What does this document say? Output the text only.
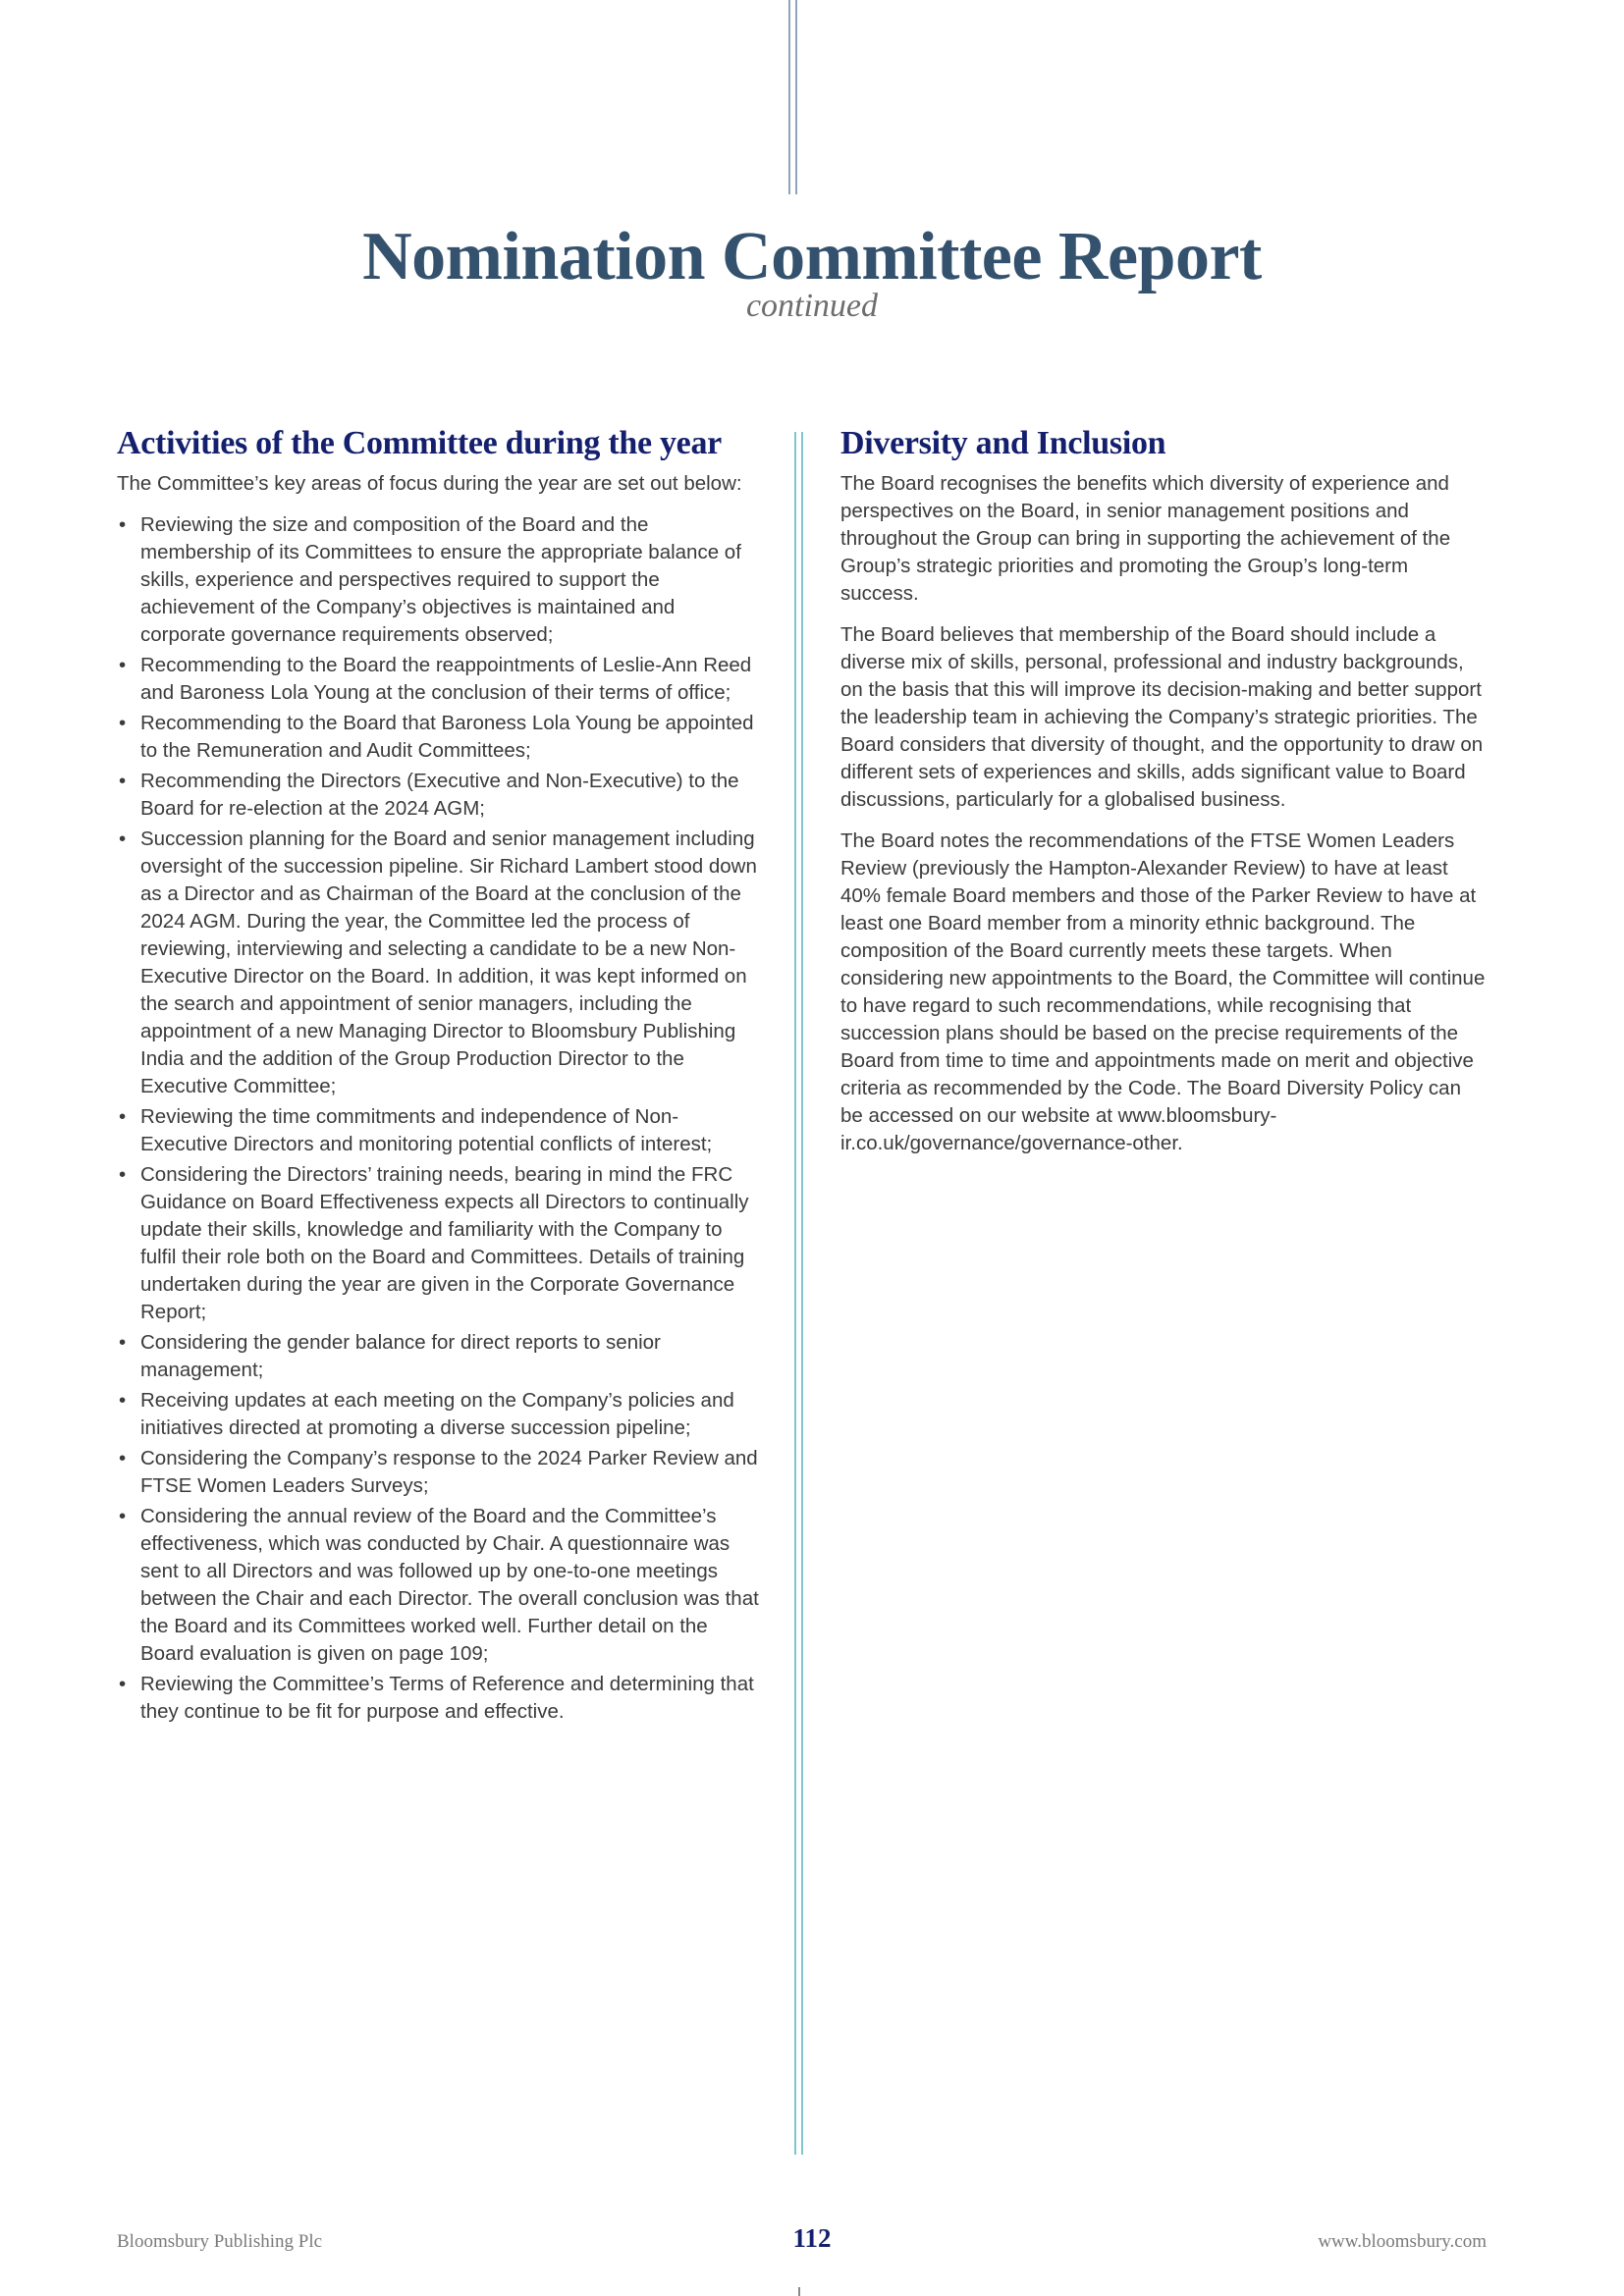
Nomination Committee Report
continued
Activities of the Committee during the year

The Committee’s key areas of focus during the year are set out below:

• Reviewing the size and composition of the Board and the membership of its Committees to ensure the appropriate balance of skills, experience and perspectives required to support the achievement of the Company’s objectives is maintained and corporate governance requirements observed;
• Recommending to the Board the reappointments of Leslie-Ann Reed and Baroness Lola Young at the conclusion of their terms of office;
• Recommending to the Board that Baroness Lola Young be appointed to the Remuneration and Audit Committees;
• Recommending the Directors (Executive and Non-Executive) to the Board for re-election at the 2024 AGM;
• Succession planning for the Board and senior management including oversight of the succession pipeline. Sir Richard Lambert stood down as a Director and as Chairman of the Board at the conclusion of the 2024 AGM. During the year, the Committee led the process of reviewing, interviewing and selecting a candidate to be a new Non-Executive Director on the Board. In addition, it was kept informed on the search and appointment of senior managers, including the appointment of a new Managing Director to Bloomsbury Publishing India and the addition of the Group Production Director to the Executive Committee;
• Reviewing the time commitments and independence of Non-Executive Directors and monitoring potential conflicts of interest;
• Considering the Directors’ training needs, bearing in mind the FRC Guidance on Board Effectiveness expects all Directors to continually update their skills, knowledge and familiarity with the Company to fulfil their role both on the Board and Committees. Details of training undertaken during the year are given in the Corporate Governance Report;
• Considering the gender balance for direct reports to senior management;
• Receiving updates at each meeting on the Company’s policies and initiatives directed at promoting a diverse succession pipeline;
• Considering the Company’s response to the 2024 Parker Review and FTSE Women Leaders Surveys;
• Considering the annual review of the Board and the Committee’s effectiveness, which was conducted by Chair. A questionnaire was sent to all Directors and was followed up by one-to-one meetings between the Chair and each Director. The overall conclusion was that the Board and its Committees worked well. Further detail on the Board evaluation is given on page 109;
• Reviewing the Committee’s Terms of Reference and determining that they continue to be fit for purpose and effective.
Diversity and Inclusion

The Board recognises the benefits which diversity of experience and perspectives on the Board, in senior management positions and throughout the Group can bring in supporting the achievement of the Group’s strategic priorities and promoting the Group’s long-term success.

The Board believes that membership of the Board should include a diverse mix of skills, personal, professional and industry backgrounds, on the basis that this will improve its decision-making and better support the leadership team in achieving the Company’s strategic priorities. The Board considers that diversity of thought, and the opportunity to draw on different sets of experiences and skills, adds significant value to Board discussions, particularly for a globalised business.

The Board notes the recommendations of the FTSE Women Leaders Review (previously the Hampton-Alexander Review) to have at least 40% female Board members and those of the Parker Review to have at least one Board member from a minority ethnic background. The composition of the Board currently meets these targets. When considering new appointments to the Board, the Committee will continue to have regard to such recommendations, while recognising that succession plans should be based on the precise requirements of the Board from time to time and appointments made on merit and objective criteria as recommended by the Code. The Board Diversity Policy can be accessed on our website at www.bloomsbury-ir.co.uk/governance/governance-other.

Bloomsbury Publishing Plc	112	www.bloomsbury.com
